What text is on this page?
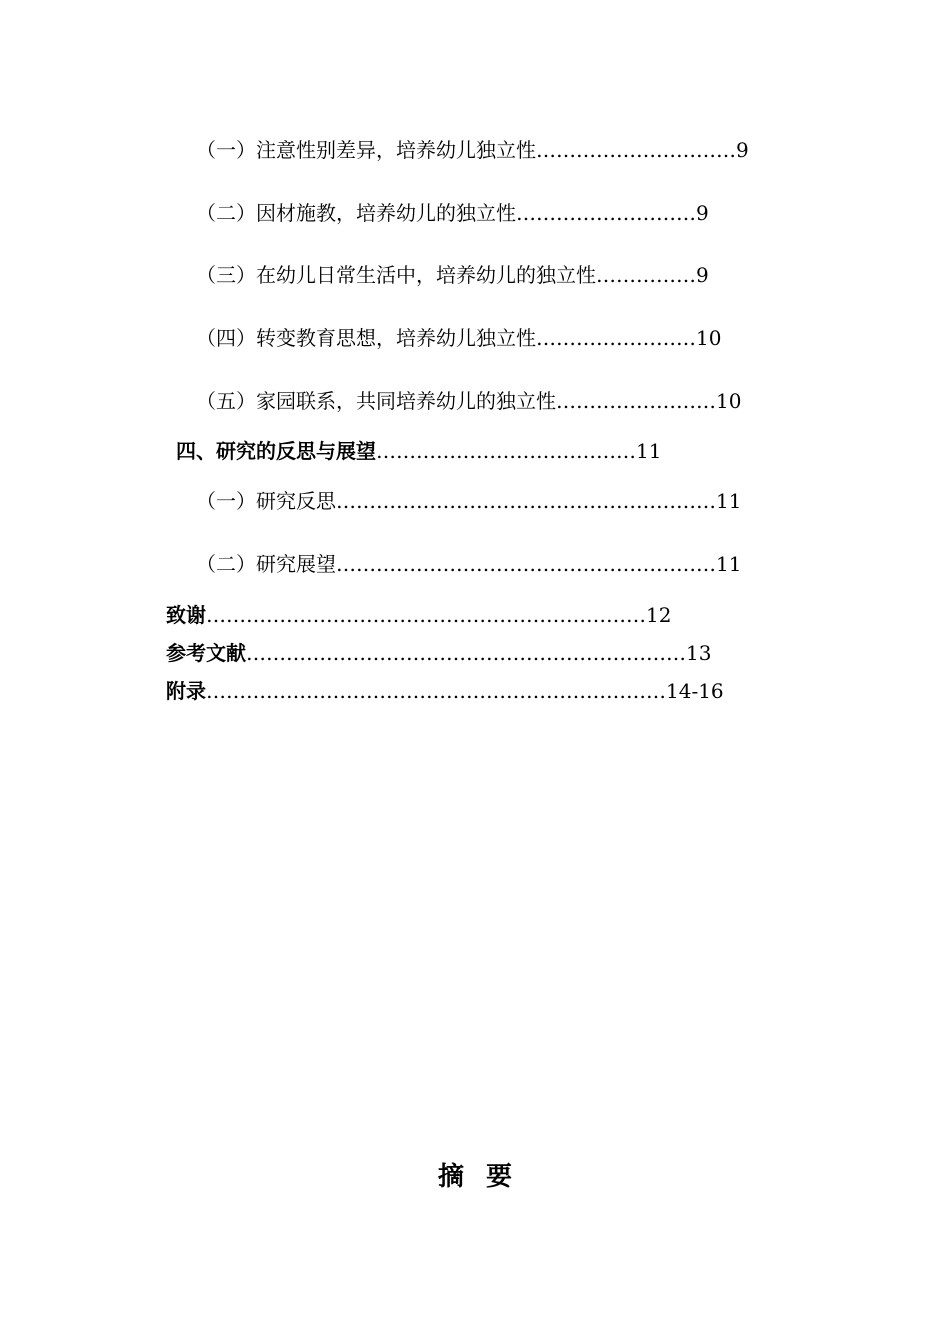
（一）注意性别差异，培养幼儿独立性…………………………9
（二）因材施教，培养幼儿的独立性………………………9
（三）在幼儿日常生活中，培养幼儿的独立性……………9
（四）转变教育思想，培养幼儿独立性……………………10
（五）家园联系，共同培养幼儿的独立性……………………10
四、研究的反思与展望…………………………………11
（一）研究反思…………………………………………………11
（二）研究展望…………………………………………………11
致谢…………………………………………………………12
参考文献…………………………………………………………13
附录……………………………………………………………14-16
摘要
